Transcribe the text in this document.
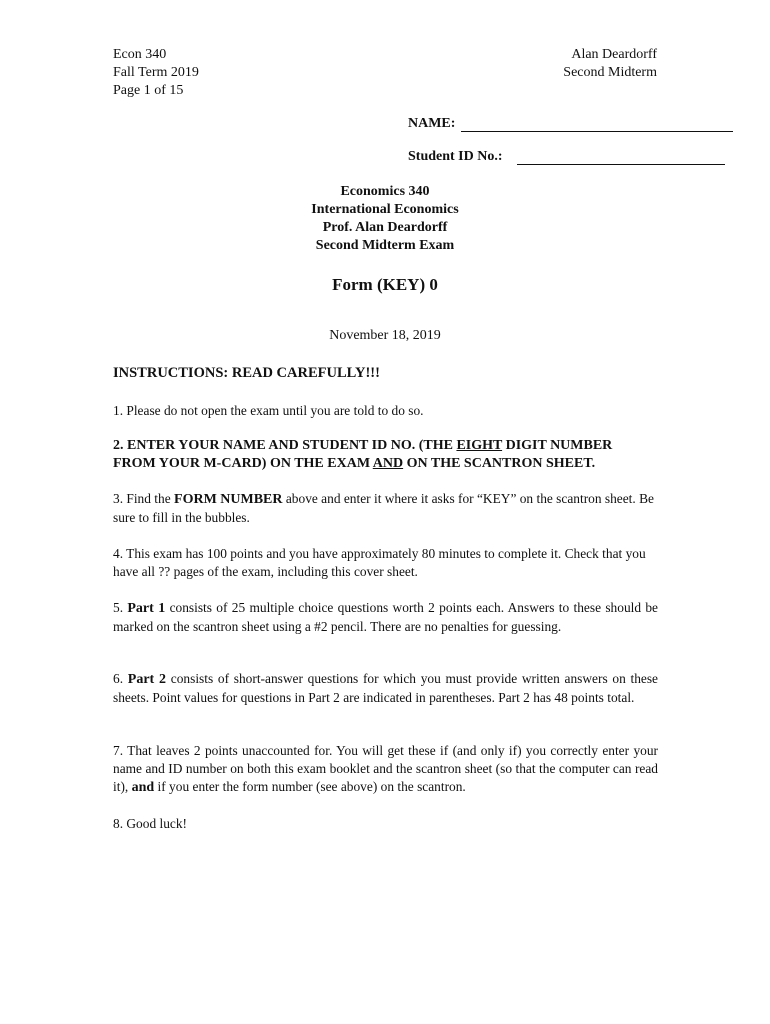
Econ 340
Fall Term 2019
Page 1 of 15
Alan Deardorff
Second Midterm
NAME:
Student ID No.:
Economics 340
International Economics
Prof. Alan Deardorff
Second Midterm Exam
Form (KEY) 0
November 18, 2019
INSTRUCTIONS: READ CAREFULLY!!!
1. Please do not open the exam until you are told to do so.
2. ENTER YOUR NAME AND STUDENT ID NO. (THE EIGHT DIGIT NUMBER FROM YOUR M-CARD) ON THE EXAM AND ON THE SCANTRON SHEET.
3. Find the FORM NUMBER above and enter it where it asks for “KEY” on the scantron sheet. Be sure to fill in the bubbles.
4. This exam has 100 points and you have approximately 80 minutes to complete it. Check that you have all ?? pages of the exam, including this cover sheet.
5. Part 1 consists of 25 multiple choice questions worth 2 points each. Answers to these should be marked on the scantron sheet using a #2 pencil. There are no penalties for guessing.
6. Part 2 consists of short-answer questions for which you must provide written answers on these sheets. Point values for questions in Part 2 are indicated in parentheses. Part 2 has 48 points total.
7. That leaves 2 points unaccounted for. You will get these if (and only if) you correctly enter your name and ID number on both this exam booklet and the scantron sheet (so that the computer can read it), and if you enter the form number (see above) on the scantron.
8. Good luck!
